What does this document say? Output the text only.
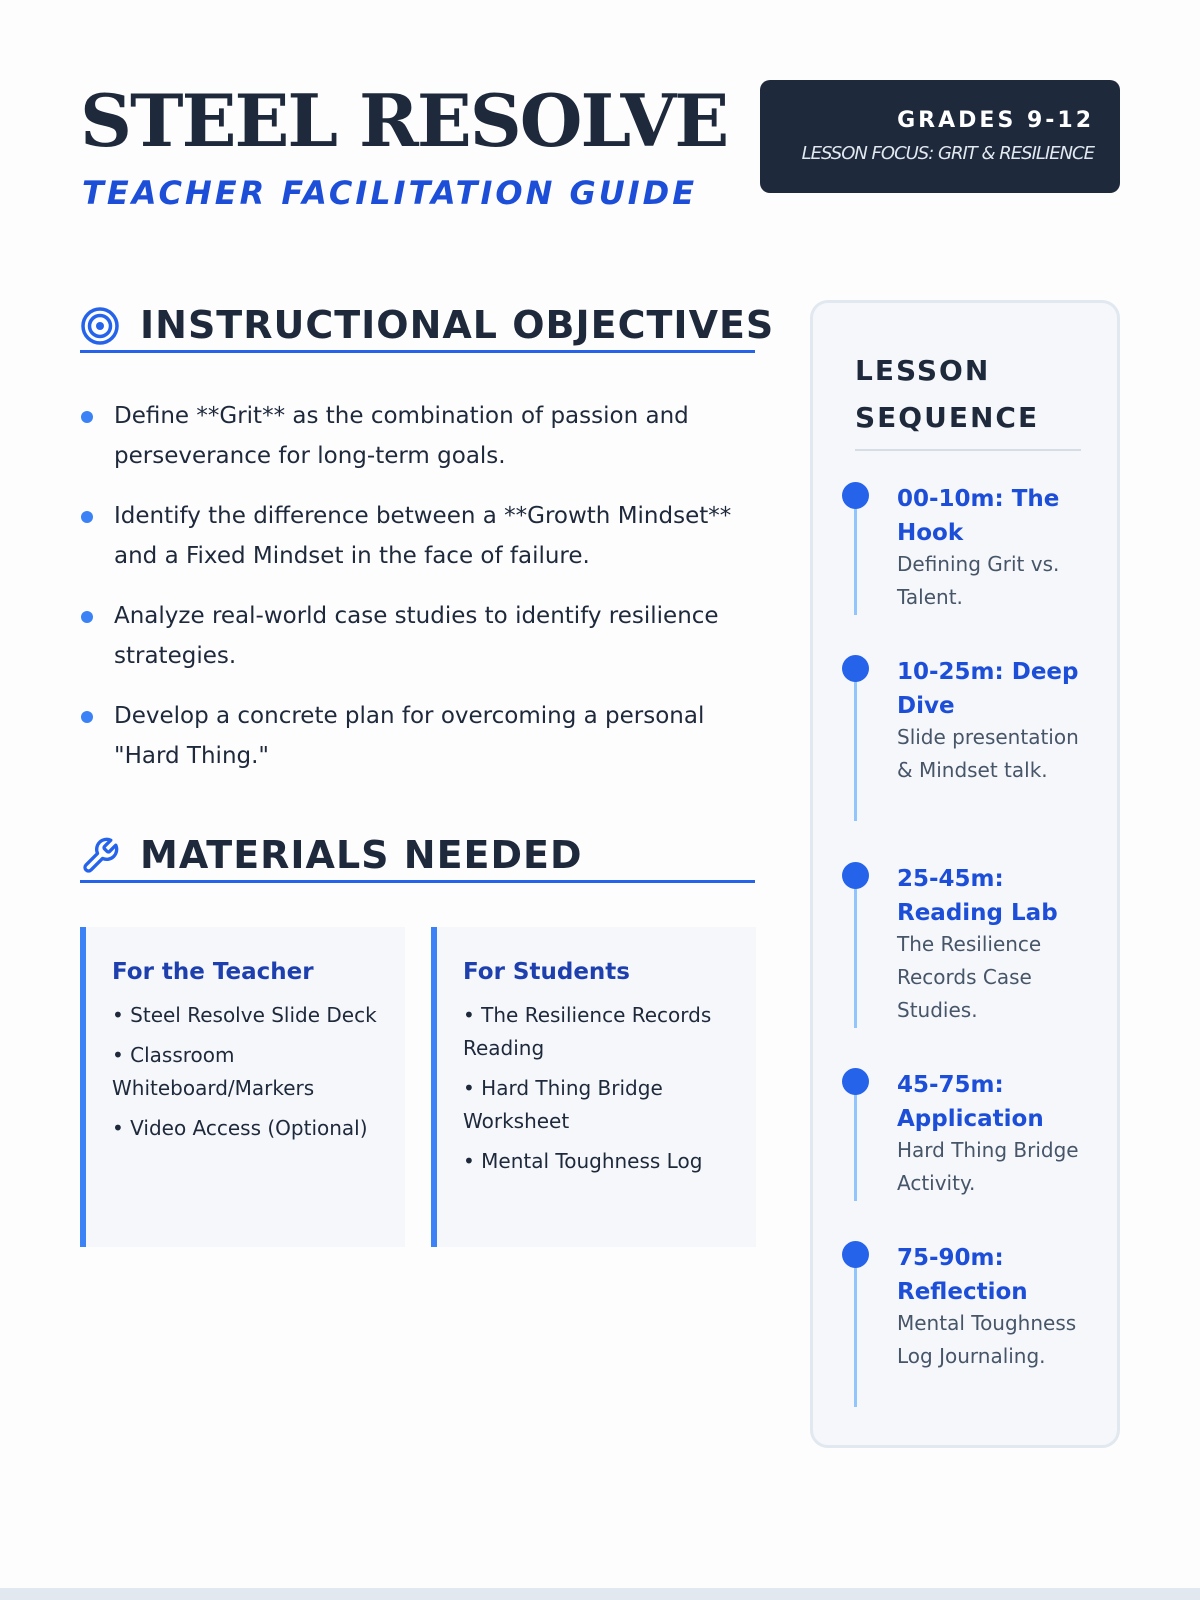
STEEL RESOLVE
TEACHER FACILITATION GUIDE
GRADES 9-12
LESSON FOCUS: GRIT & RESILIENCE
INSTRUCTIONAL OBJECTIVES
Define **Grit** as the combination of passion and perseverance for long-term goals.
Identify the difference between a **Growth Mindset** and a Fixed Mindset in the face of failure.
Analyze real-world case studies to identify resilience strategies.
Develop a concrete plan for overcoming a personal "Hard Thing."
MATERIALS NEEDED
For the Teacher
• Steel Resolve Slide Deck
• Classroom Whiteboard/Markers
• Video Access (Optional)
For Students
• The Resilience Records Reading
• Hard Thing Bridge Worksheet
• Mental Toughness Log
LESSON SEQUENCE
00-10m: The Hook
Defining Grit vs. Talent.
10-25m: Deep Dive
Slide presentation & Mindset talk.
25-45m: Reading Lab
The Resilience Records Case Studies.
45-75m: Application
Hard Thing Bridge Activity.
75-90m: Reflection
Mental Toughness Log Journaling.
